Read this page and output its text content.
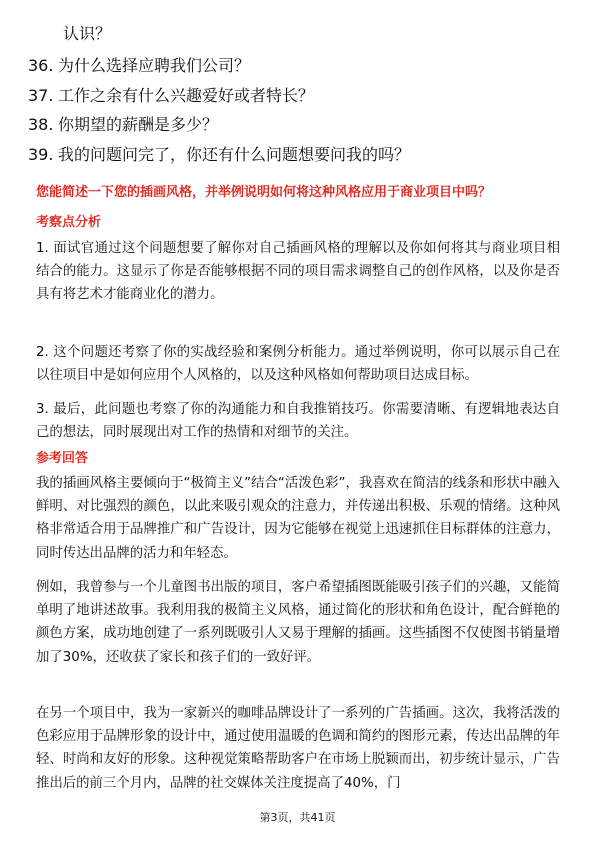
认识？
36. 为什么选择应聘我们公司？
37. 工作之余有什么兴趣爱好或者特长？
38. 你期望的薪酬是多少？
39. 我的问题问完了，你还有什么问题想要问我的吗？
您能简述一下您的插画风格，并举例说明如何将这种风格应用于商业项目中吗？
考察点分析

1. 面试官通过这个问题想要了解你对自己插画风格的理解以及你如何将其与商业项目相结合的能力。这显示了你是否能够根据不同的项目需求调整自己的创作风格，以及你是否具有将艺术才能商业化的潜力。

2. 这个问题还考察了你的实战经验和案例分析能力。通过举例说明，你可以展示自己在以往项目中是如何应用个人风格的，以及这种风格如何帮助项目达成目标。

3. 最后，此问题也考察了你的沟通能力和自我推销技巧。你需要清晰、有逻辑地表达自己的想法，同时展现出对工作的热情和对细节的关注。

参考回答

我的插画风格主要倾向于“极简主义”结合“活泼色彩”，我喜欢在简洁的线条和形状中融入鲜明、对比强烈的颜色，以此来吸引观众的注意力，并传递出积极、乐观的情绪。这种风格非常适合用于品牌推广和广告设计，因为它能够在视觉上迅速抓住目标群体的注意力，同时传达出品牌的活力和年轻态。

例如，我曾参与一个儿童图书出版的项目，客户希望插图既能吸引孩子们的兴趣，又能简单明了地讲述故事。我利用我的极简主义风格，通过简化的形状和角色设计，配合鲜艳的颜色方案，成功地创建了一系列既吸引人又易于理解的插画。这些插图不仅使图书销量增加了30%，还收获了家长和孩子们的一致好评。

在另一个项目中，我为一家新兴的咖啡品牌设计了一系列的广告插画。这次，我将活泼的色彩应用于品牌形象的设计中，通过使用温暖的色调和简约的图形元素，传达出品牌的年轻、时尚和友好的形象。这种视觉策略帮助客户在市场上脱颖而出，初步统计显示，广告推出后的前三个月内，品牌的社交媒体关注度提高了40%，门

第3页，共41页
